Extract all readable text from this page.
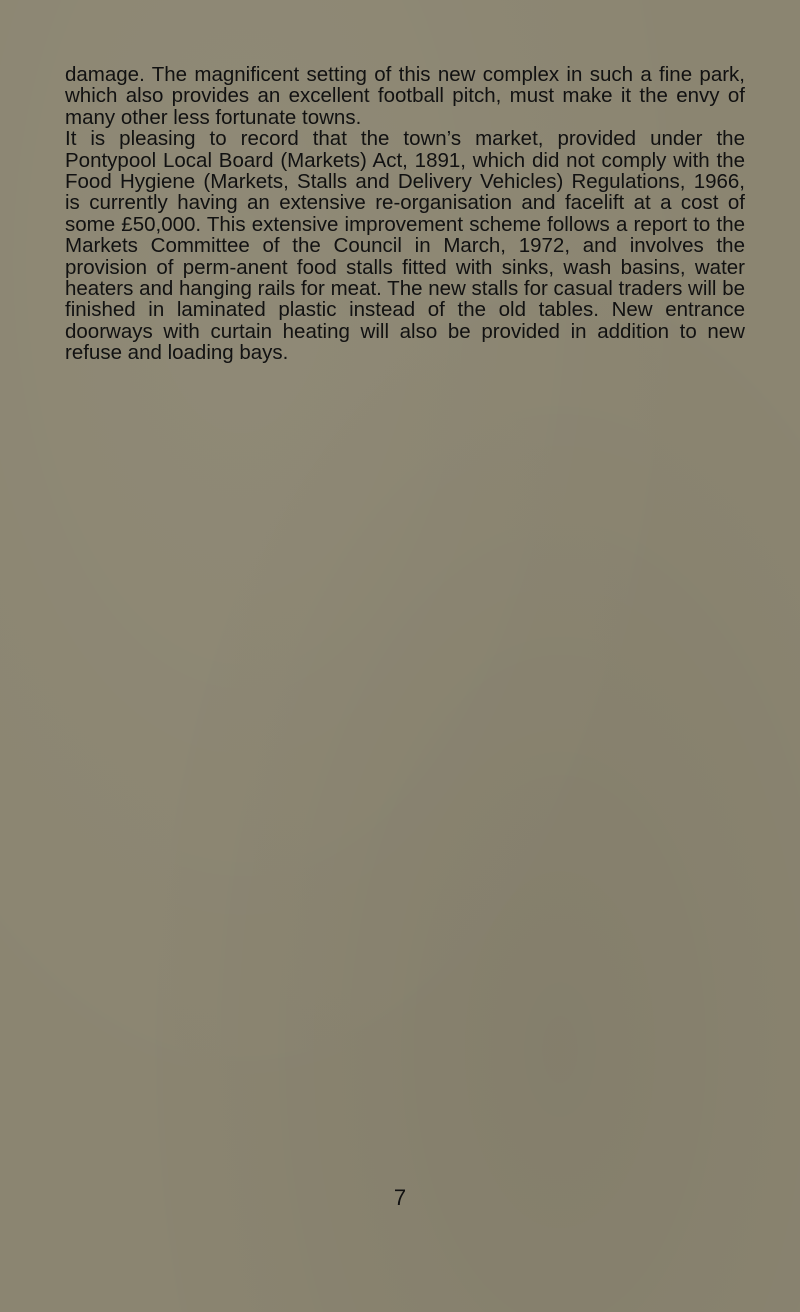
damage. The magnificent setting of this new complex in such a fine park, which also provides an excellent football pitch, must make it the envy of many other less fortunate towns.

It is pleasing to record that the town’s market, provided under the Pontypool Local Board (Markets) Act, 1891, which did not comply with the Food Hygiene (Markets, Stalls and Delivery Vehicles) Regulations, 1966, is currently having an extensive re-organisation and facelift at a cost of some £50,000. This extensive improvement scheme follows a report to the Markets Committee of the Council in March, 1972, and involves the provision of perm-anent food stalls fitted with sinks, wash basins, water heaters and hanging rails for meat. The new stalls for casual traders will be finished in laminated plastic instead of the old tables. New entrance doorways with curtain heating will also be provided in addition to new refuse and loading bays.

7
